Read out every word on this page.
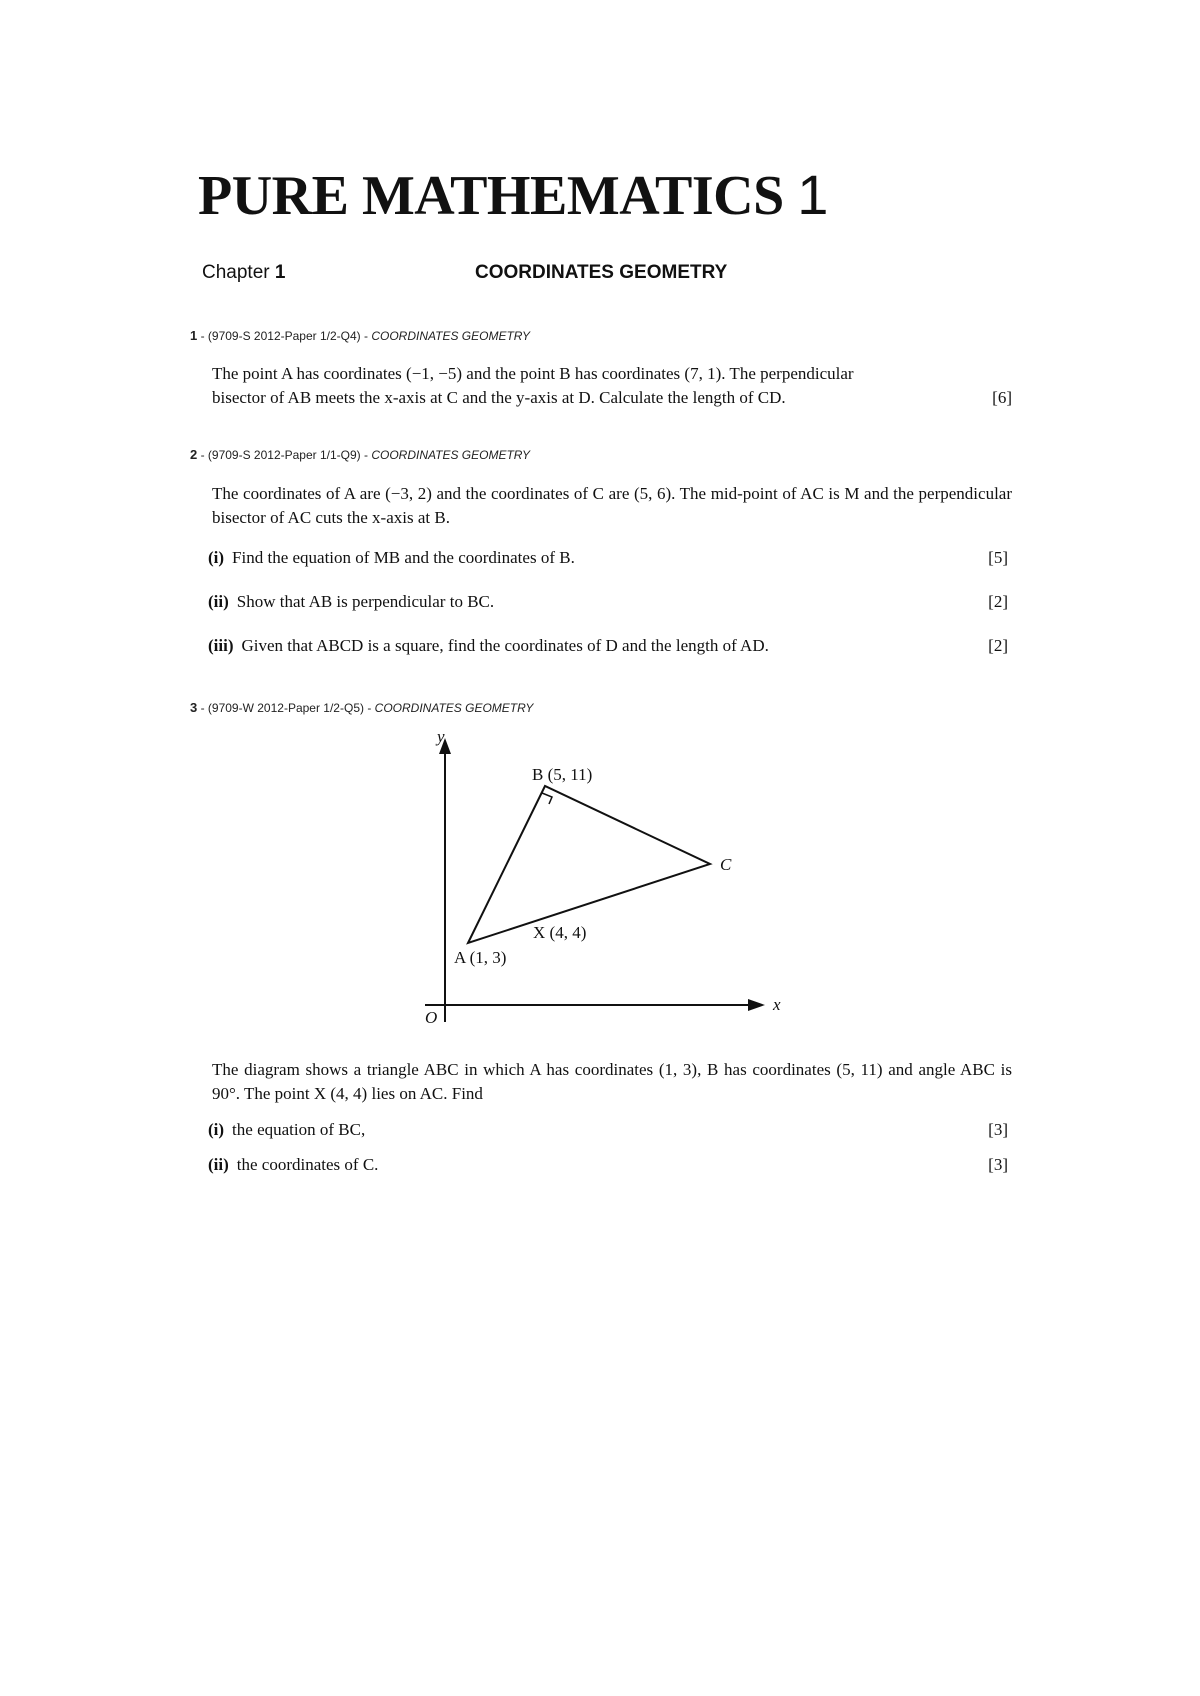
PURE MATHEMATICS 1
Chapter 1	COORDINATES GEOMETRY
1 - (9709-S 2012-Paper 1/2-Q4) - COORDINATES GEOMETRY
The point A has coordinates (−1, −5) and the point B has coordinates (7, 1). The perpendicular
bisector of AB meets the x-axis at C and the y-axis at D. Calculate the length of CD.	[6]
2 - (9709-S 2012-Paper 1/1-Q9) - COORDINATES GEOMETRY
The coordinates of A are (−3, 2) and the coordinates of C are (5, 6). The mid-point of AC is M and the perpendicular bisector of AC cuts the x-axis at B.
(i) Find the equation of MB and the coordinates of B.	[5]
(ii) Show that AB is perpendicular to BC.	[2]
(iii) Given that ABCD is a square, find the coordinates of D and the length of AD.	[2]
3 - (9709-W 2012-Paper 1/2-Q5) - COORDINATES GEOMETRY
y
x
O
B (5, 11)
C
X (4, 4)
A (1, 3)
The diagram shows a triangle ABC in which A has coordinates (1, 3), B has coordinates (5, 11) and angle ABC is 90°. The point X (4, 4) lies on AC. Find
(i) the equation of BC,	[3]
(ii) the coordinates of C.	[3]
